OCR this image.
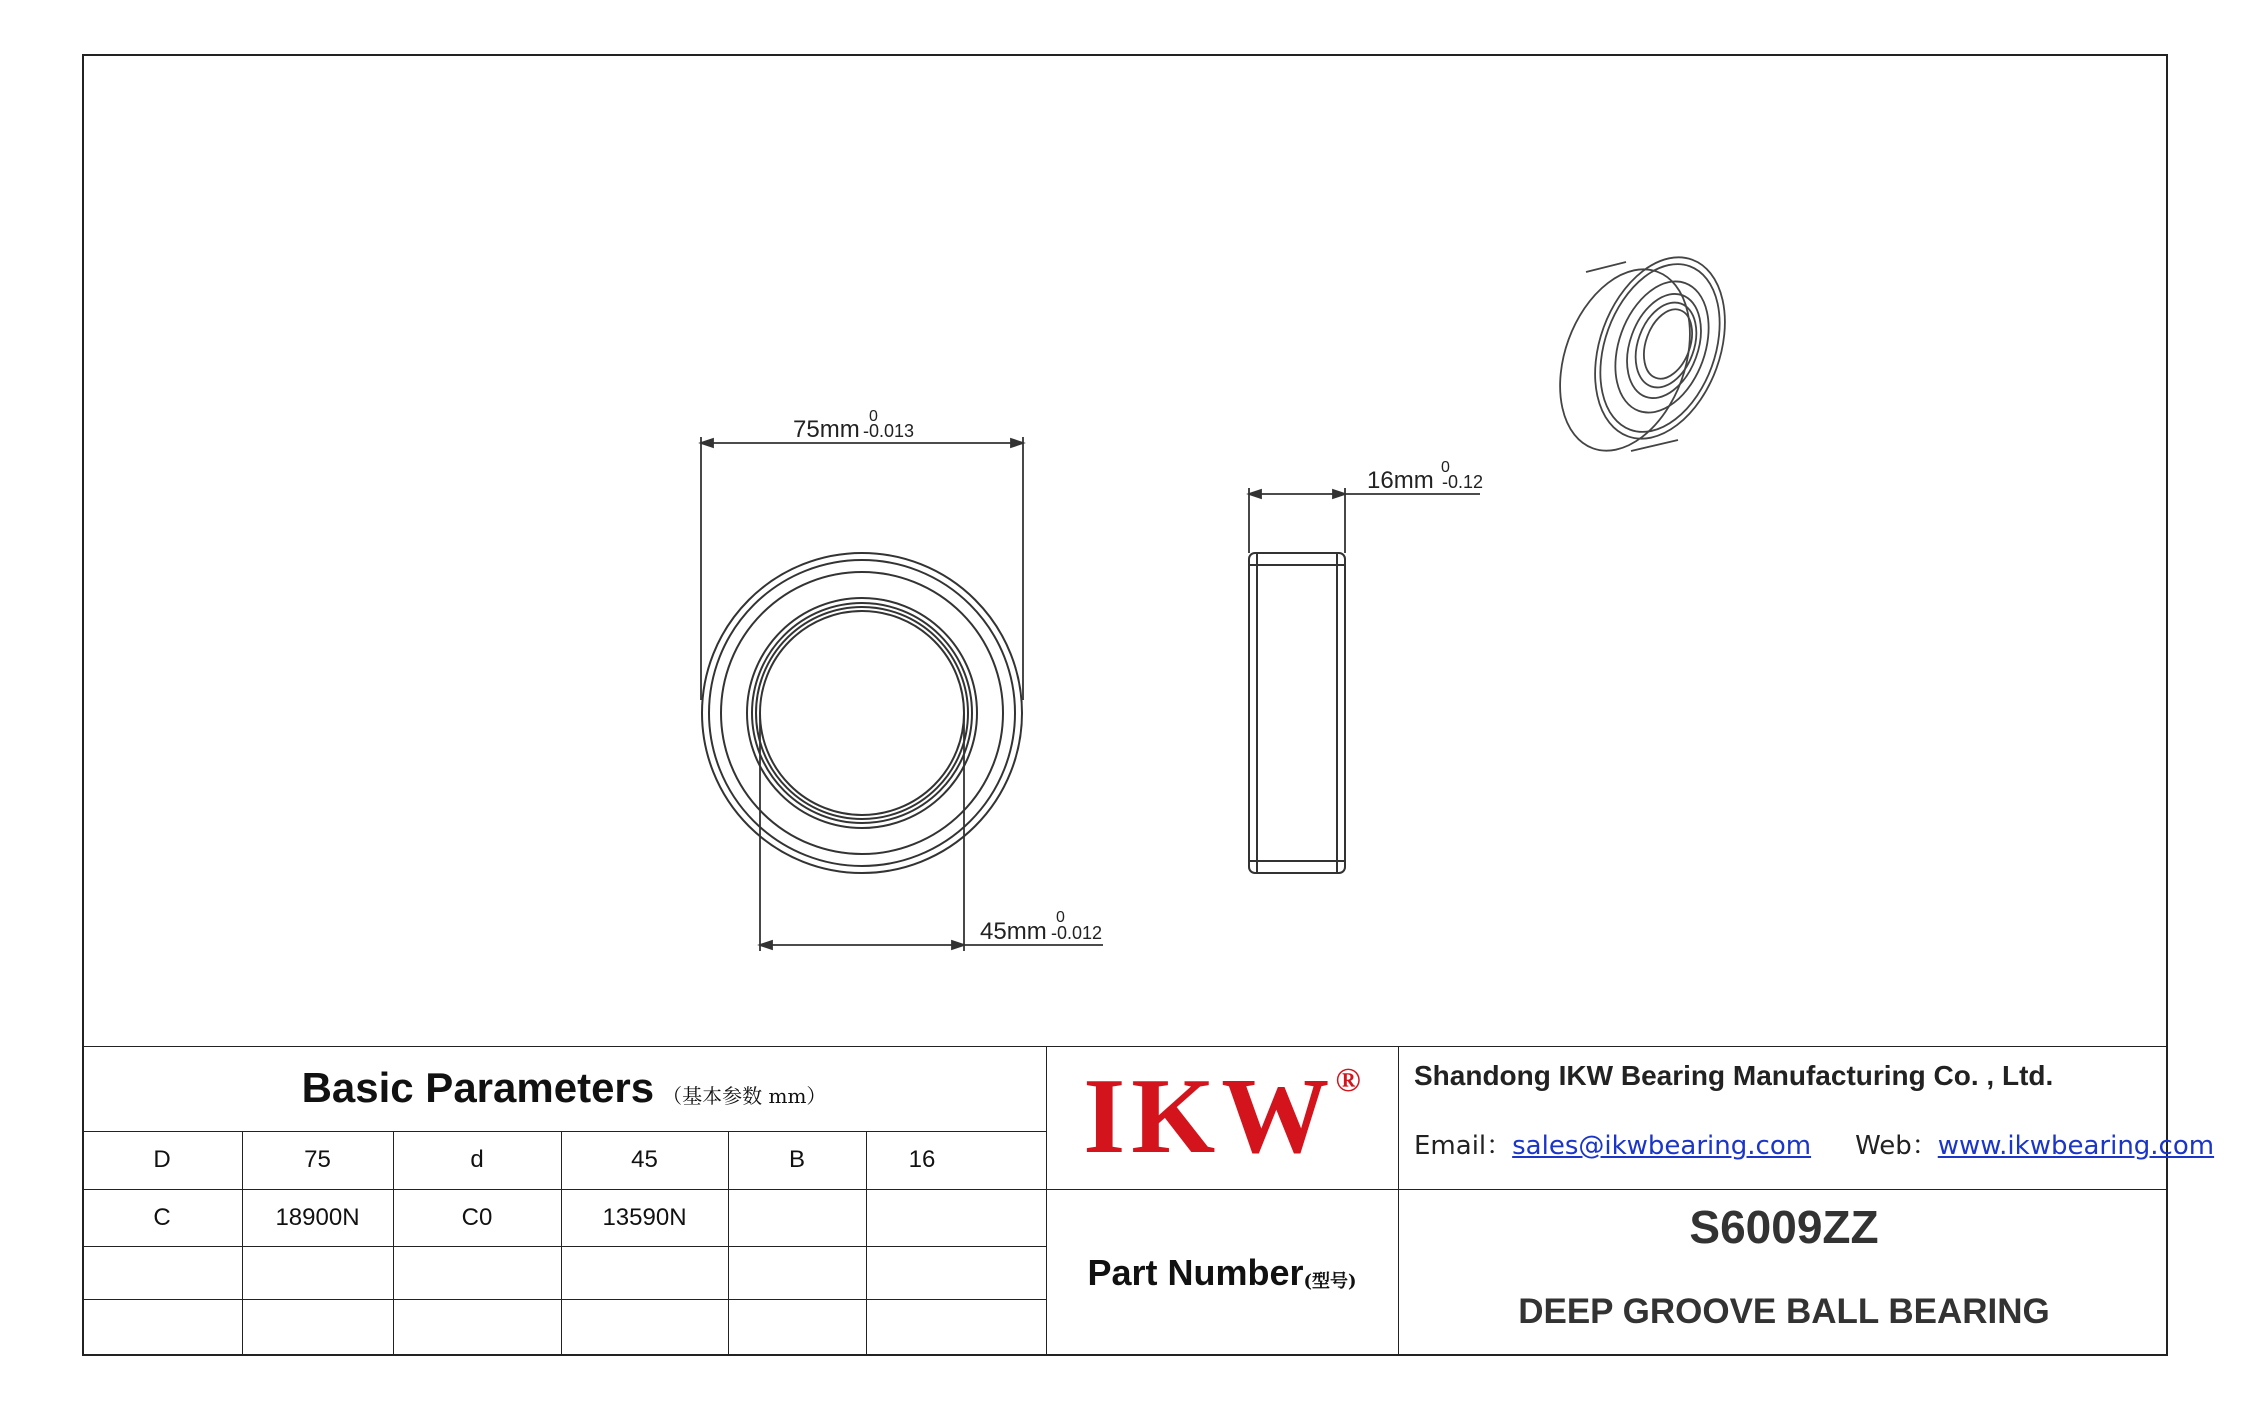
75mm 0
-0.013
45mm
0
-0.012
16mm 0
-0.12
Basic Parameters （基本参数 mm）
D	75	d	45	B	16
C	18900N	C0	13590N
IKW ® Shandong IKW Bearing Manufacturing Co. , Ltd.
Email：sales@ikwbearing.com Web：www.ikwbearing.com
Part Number (型号)
S6009ZZ
DEEP GROOVE BALL BEARING
